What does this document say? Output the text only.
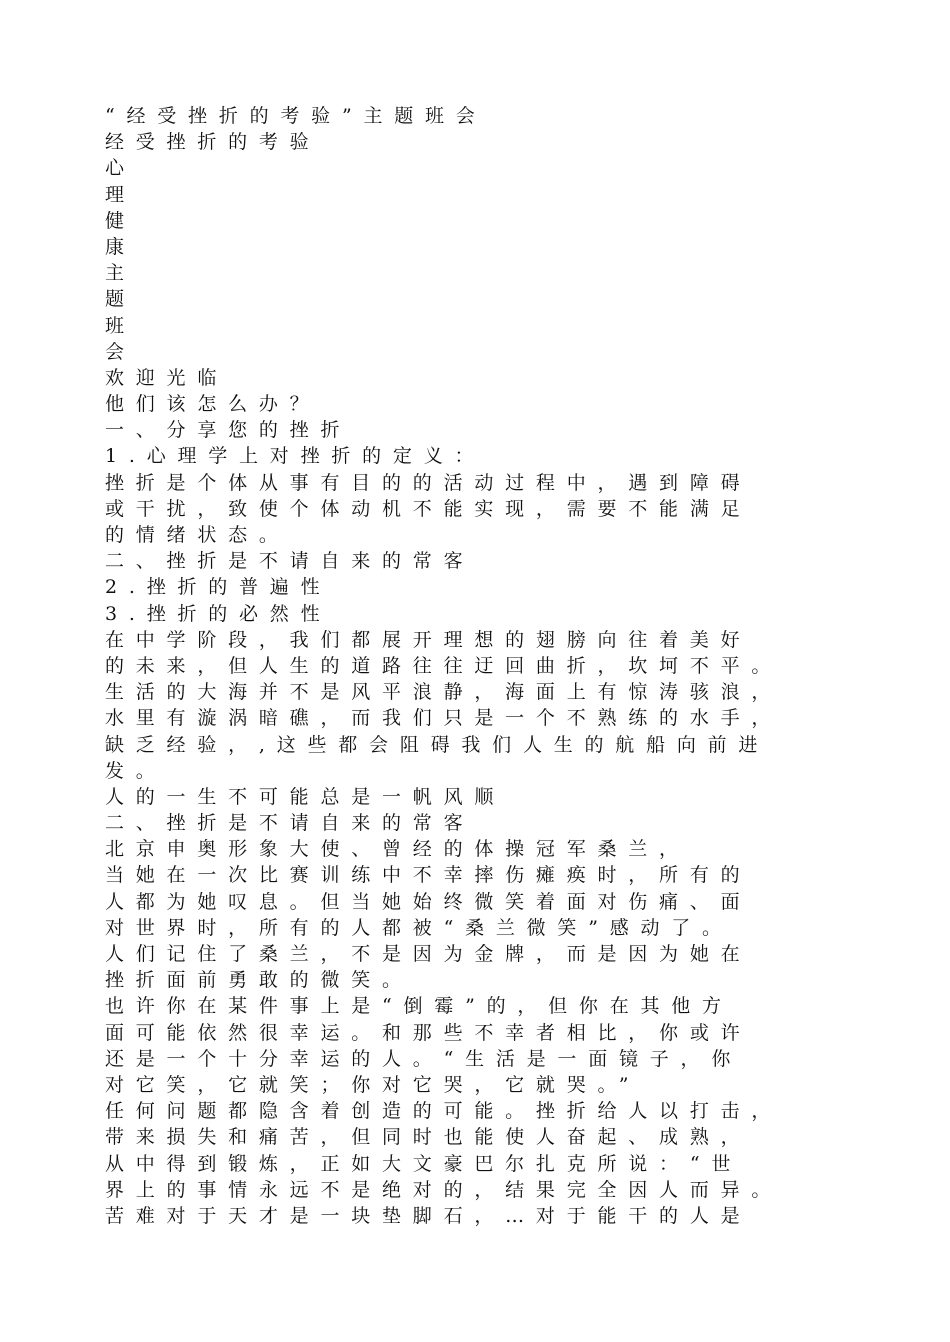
“经受挫折的考验”主题班会
经受挫折的考验
心
理
健
康
主
题
班
会
欢迎光临
他们该怎么办？
一、分享您的挫折
1.心理学上对挫折的定义：
挫折是个体从事有目的的活动过程中，遇到障碍
或干扰，致使个体动机不能实现，需要不能满足
的情绪状态。
二、挫折是不请自来的常客
2.挫折的普遍性
3.挫折的必然性
在中学阶段，我们都展开理想的翅膀向往着美好
的未来，但人生的道路往往迂回曲折，坎坷不平。
生活的大海并不是风平浪静，海面上有惊涛骇浪，
水里有漩涡暗礁，而我们只是一个不熟练的水手，
缺乏经验，,这些都会阻碍我们人生的航船向前进
发。
人的一生不可能总是一帆风顺
二、挫折是不请自来的常客
北京申奥形象大使、曾经的体操冠军桑兰，
当她在一次比赛训练中不幸摔伤瘫痪时，所有的
人都为她叹息。但当她始终微笑着面对伤痛、面
对世界时，所有的人都被“桑兰微笑”感动了。
人们记住了桑兰，不是因为金牌，而是因为她在
挫折面前勇敢的微笑。
也许你在某件事上是“倒霉”的，但你在其他方
面可能依然很幸运。和那些不幸者相比，你或许
还是一个十分幸运的人。“生活是一面镜子，你
对它笑，它就笑；你对它哭，它就哭。”
任何问题都隐含着创造的可能。挫折给人以打击，
带来损失和痛苦，但同时也能使人奋起、成熟，
从中得到锻炼，正如大文豪巴尔扎克所说：“世
界上的事情永远不是绝对的，结果完全因人而异。
苦难对于天才是一块垫脚石，…对于能干的人是
